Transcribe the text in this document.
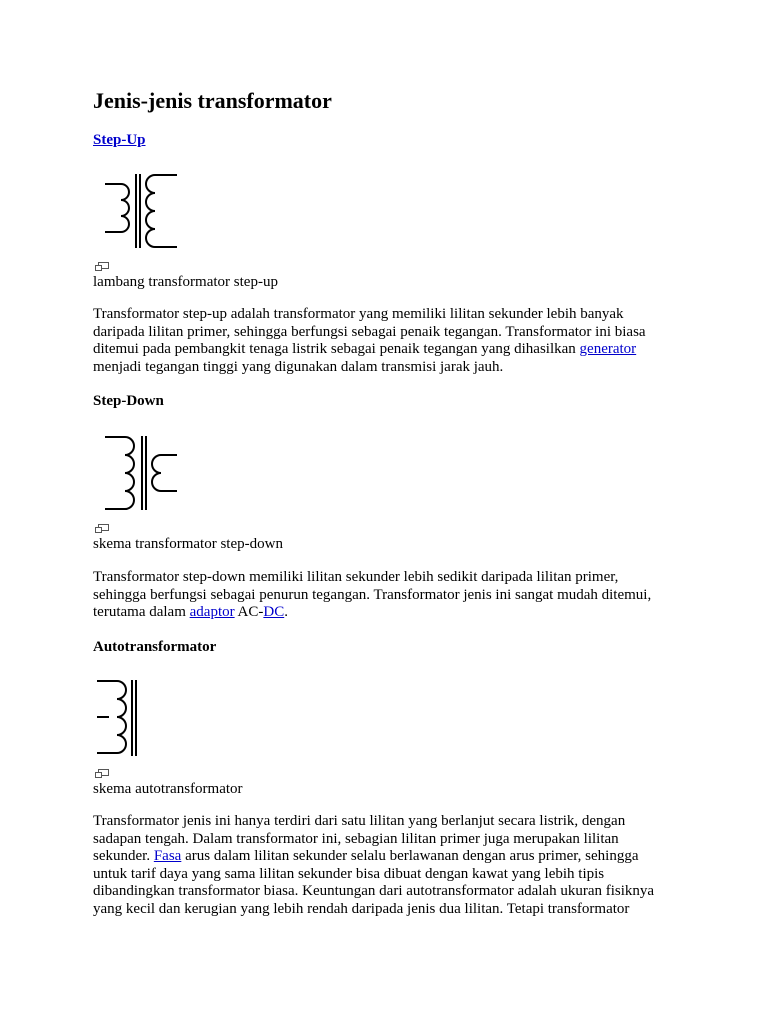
Jenis-jenis transformator
Step-Up
lambang transformator step-up

Transformator step-up adalah transformator yang memiliki lilitan sekunder lebih banyak
daripada lilitan primer, sehingga berfungsi sebagai penaik tegangan. Transformator ini biasa
ditemui pada pembangkit tenaga listrik sebagai penaik tegangan yang dihasilkan generator
menjadi tegangan tinggi yang digunakan dalam transmisi jarak jauh.

Step-Down
skema transformator step-down

Transformator step-down memiliki lilitan sekunder lebih sedikit daripada lilitan primer,
sehingga berfungsi sebagai penurun tegangan. Transformator jenis ini sangat mudah ditemui,
terutama dalam adaptor AC-DC.

Autotransformator
skema autotransformator

Transformator jenis ini hanya terdiri dari satu lilitan yang berlanjut secara listrik, dengan
sadapan tengah. Dalam transformator ini, sebagian lilitan primer juga merupakan lilitan
sekunder. Fasa arus dalam lilitan sekunder selalu berlawanan dengan arus primer, sehingga
untuk tarif daya yang sama lilitan sekunder bisa dibuat dengan kawat yang lebih tipis
dibandingkan transformator biasa. Keuntungan dari autotransformator adalah ukuran fisiknya
yang kecil dan kerugian yang lebih rendah daripada jenis dua lilitan. Tetapi transformator
